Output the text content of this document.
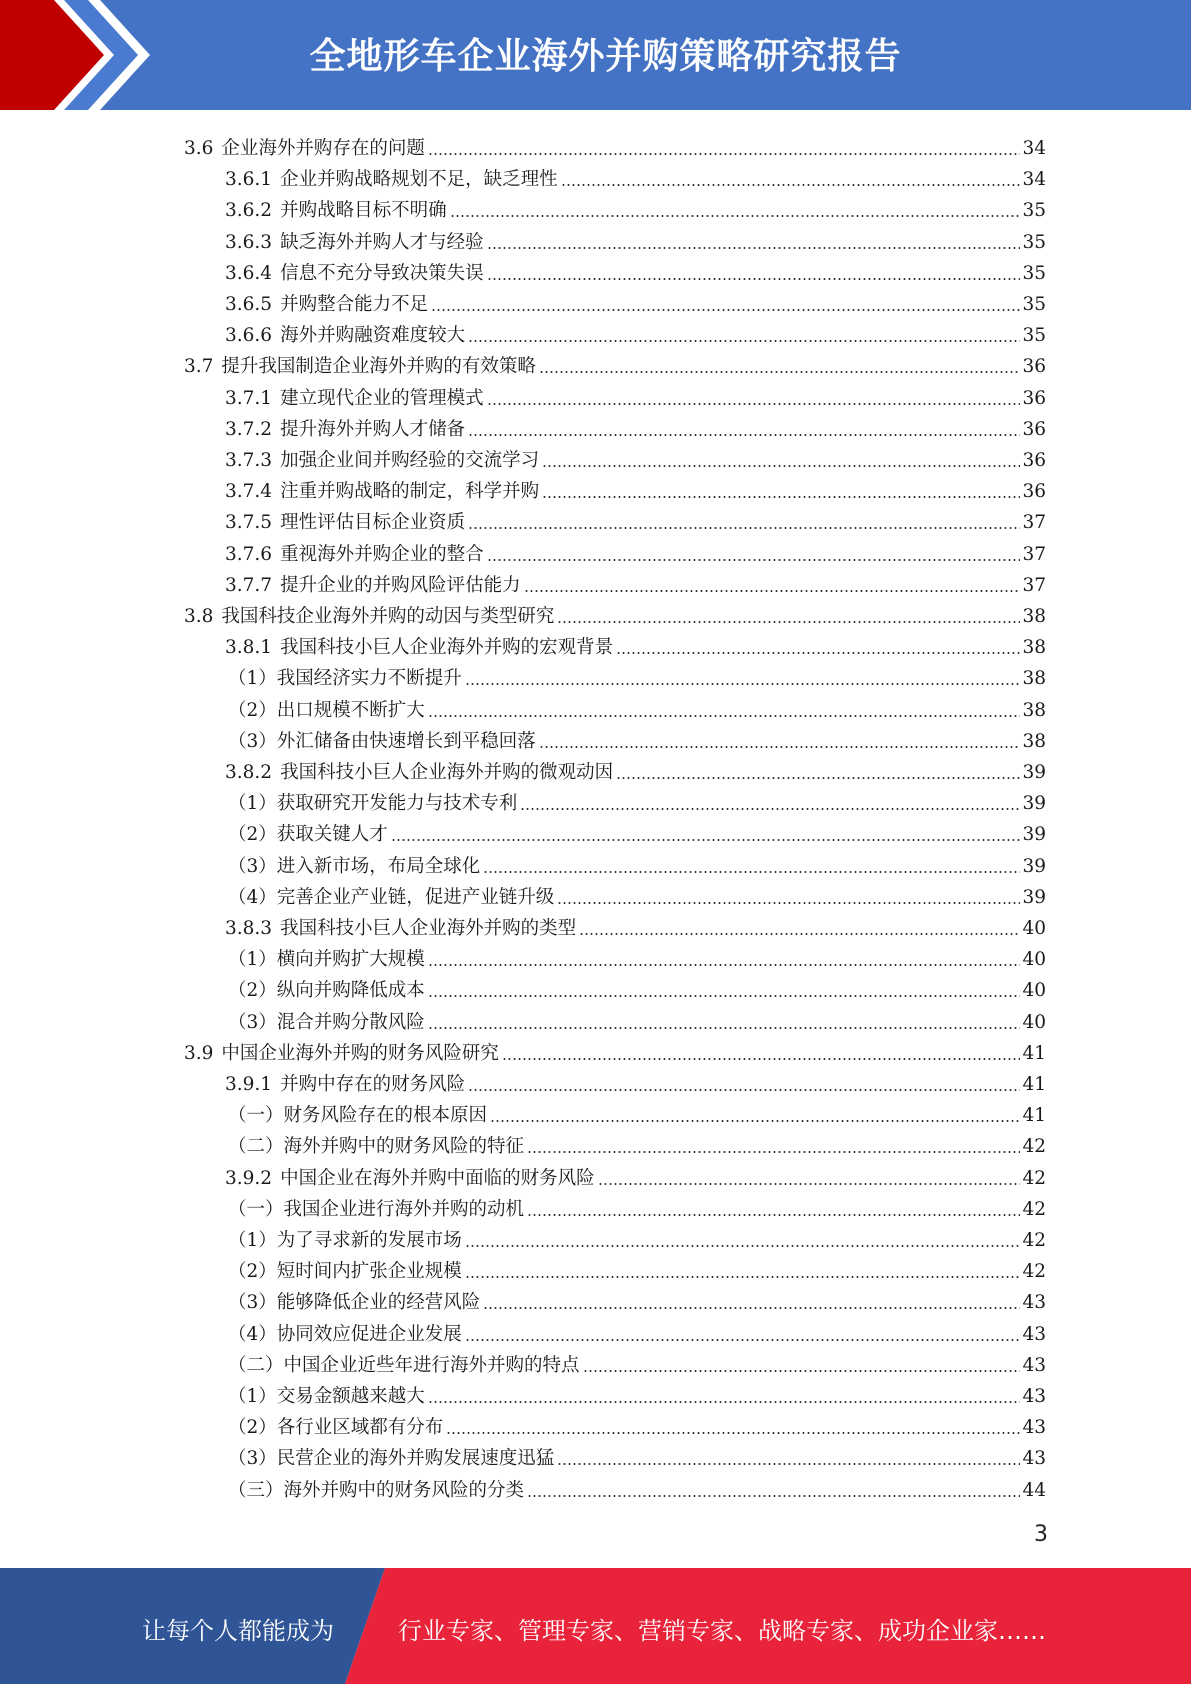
全地形车企业海外并购策略研究报告
3.6 企业海外并购存在的问题	34
3.6.1 企业并购战略规划不足，缺乏理性	34
3.6.2 并购战略目标不明确	35
3.6.3 缺乏海外并购人才与经验	35
3.6.4 信息不充分导致决策失误	35
3.6.5 并购整合能力不足	35
3.6.6 海外并购融资难度较大	35
3.7 提升我国制造企业海外并购的有效策略	36
3.7.1 建立现代企业的管理模式	36
3.7.2 提升海外并购人才储备	36
3.7.3 加强企业间并购经验的交流学习	36
3.7.4 注重并购战略的制定，科学并购	36
3.7.5 理性评估目标企业资质	37
3.7.6 重视海外并购企业的整合	37
3.7.7 提升企业的并购风险评估能力	37
3.8 我国科技企业海外并购的动因与类型研究	38
3.8.1 我国科技小巨人企业海外并购的宏观背景	38
（1）我国经济实力不断提升	38
（2）出口规模不断扩大	38
（3）外汇储备由快速增长到平稳回落	38
3.8.2 我国科技小巨人企业海外并购的微观动因	39
（1）获取研究开发能力与技术专利	39
（2）获取关键人才	39
（3）进入新市场，布局全球化	39
（4）完善企业产业链，促进产业链升级	39
3.8.3 我国科技小巨人企业海外并购的类型	40
（1）横向并购扩大规模	40
（2）纵向并购降低成本	40
（3）混合并购分散风险	40
3.9 中国企业海外并购的财务风险研究	41
3.9.1 并购中存在的财务风险	41
（一）财务风险存在的根本原因	41
（二）海外并购中的财务风险的特征	42
3.9.2 中国企业在海外并购中面临的财务风险	42
（一）我国企业进行海外并购的动机	42
（1）为了寻求新的发展市场	42
（2）短时间内扩张企业规模	42
（3）能够降低企业的经营风险	43
（4）协同效应促进企业发展	43
（二）中国企业近些年进行海外并购的特点	43
（1）交易金额越来越大	43
（2）各行业区域都有分布	43
（3）民营企业的海外并购发展速度迅猛	43
（三）海外并购中的财务风险的分类	44
3
让每个人都能成为	行业专家、管理专家、营销专家、战略专家、成功企业家……
